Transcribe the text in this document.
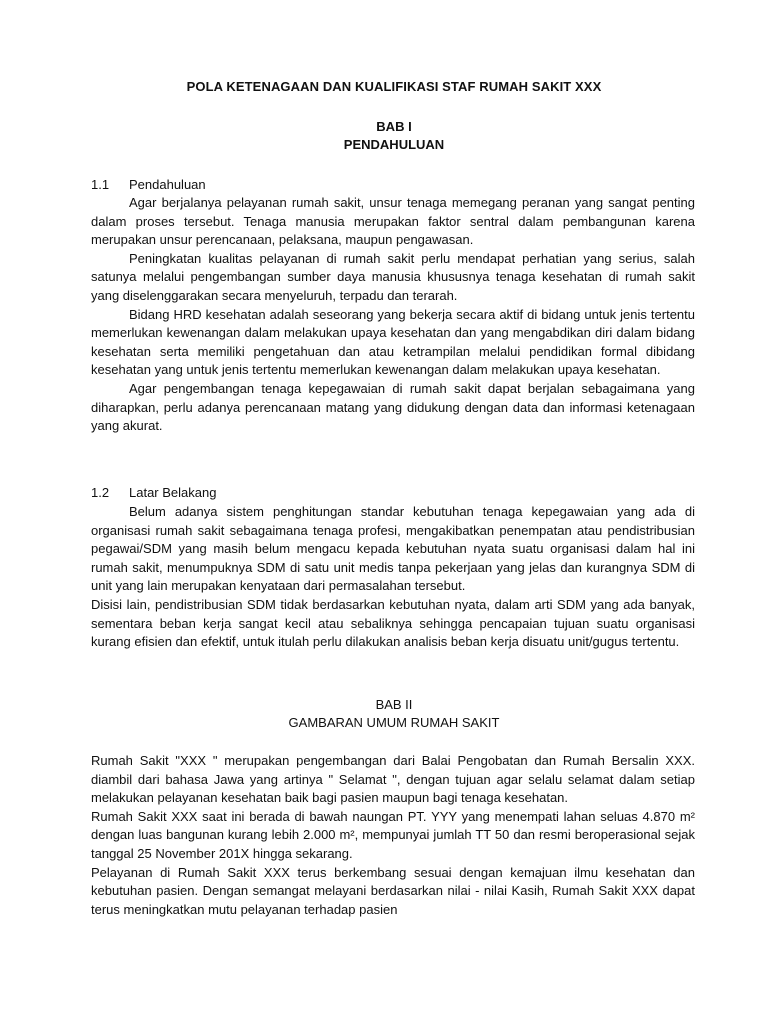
POLA KETENAGAAN DAN KUALIFIKASI STAF RUMAH SAKIT XXX
BAB I
PENDAHULUAN
1.1 Pendahuluan

Agar berjalanya pelayanan rumah sakit, unsur tenaga memegang peranan yang sangat penting dalam proses tersebut. Tenaga manusia merupakan faktor sentral dalam pembangunan karena merupakan unsur perencanaan, pelaksana, maupun pengawasan.

Peningkatan kualitas pelayanan di rumah sakit perlu mendapat perhatian yang serius, salah satunya melalui pengembangan sumber daya manusia khususnya tenaga kesehatan di rumah sakit yang diselenggarakan secara menyeluruh, terpadu dan terarah.

Bidang HRD kesehatan adalah seseorang yang bekerja secara aktif di bidang untuk jenis tertentu memerlukan kewenangan dalam melakukan upaya kesehatan dan yang mengabdikan diri dalam bidang kesehatan serta memiliki pengetahuan dan atau ketrampilan melalui pendidikan formal dibidang kesehatan yang untuk jenis tertentu memerlukan kewenangan dalam melakukan upaya kesehatan.

Agar pengembangan tenaga kepegawaian di rumah sakit dapat berjalan sebagaimana yang diharapkan, perlu adanya perencanaan matang yang didukung dengan data dan informasi ketenagaan yang akurat.

1.2 Latar Belakang

Belum adanya sistem penghitungan standar kebutuhan tenaga kepegawaian yang ada di organisasi rumah sakit sebagaimana tenaga profesi, mengakibatkan penempatan atau pendistribusian pegawai/SDM yang masih belum mengacu kepada kebutuhan nyata suatu organisasi dalam hal ini rumah sakit, menumpuknya SDM di satu unit medis tanpa pekerjaan yang jelas dan kurangnya SDM di unit yang lain merupakan kenyataan dari permasalahan tersebut.

Disisi lain, pendistribusian SDM tidak berdasarkan kebutuhan nyata, dalam arti SDM yang ada banyak, sementara beban kerja sangat kecil atau sebaliknya sehingga pencapaian tujuan suatu organisasi kurang efisien dan efektif, untuk itulah perlu dilakukan analisis beban kerja disuatu unit/gugus tertentu.

BAB II
GAMBARAN UMUM RUMAH SAKIT

Rumah Sakit "XXX " merupakan pengembangan dari Balai Pengobatan dan Rumah Bersalin XXX. diambil dari bahasa Jawa yang artinya " Selamat ", dengan tujuan agar selalu selamat dalam setiap melakukan pelayanan kesehatan baik bagi pasien maupun bagi tenaga kesehatan.

Rumah Sakit XXX saat ini berada di bawah naungan PT. YYY yang menempati lahan seluas 4.870 m² dengan luas bangunan kurang lebih 2.000 m², mempunyai jumlah TT 50 dan resmi beroperasional sejak tanggal 25 November 201X hingga sekarang.

Pelayanan di Rumah Sakit XXX terus berkembang sesuai dengan kemajuan ilmu kesehatan dan kebutuhan pasien. Dengan semangat melayani berdasarkan nilai - nilai Kasih, Rumah Sakit XXX dapat terus meningkatkan mutu pelayanan terhadap pasien
